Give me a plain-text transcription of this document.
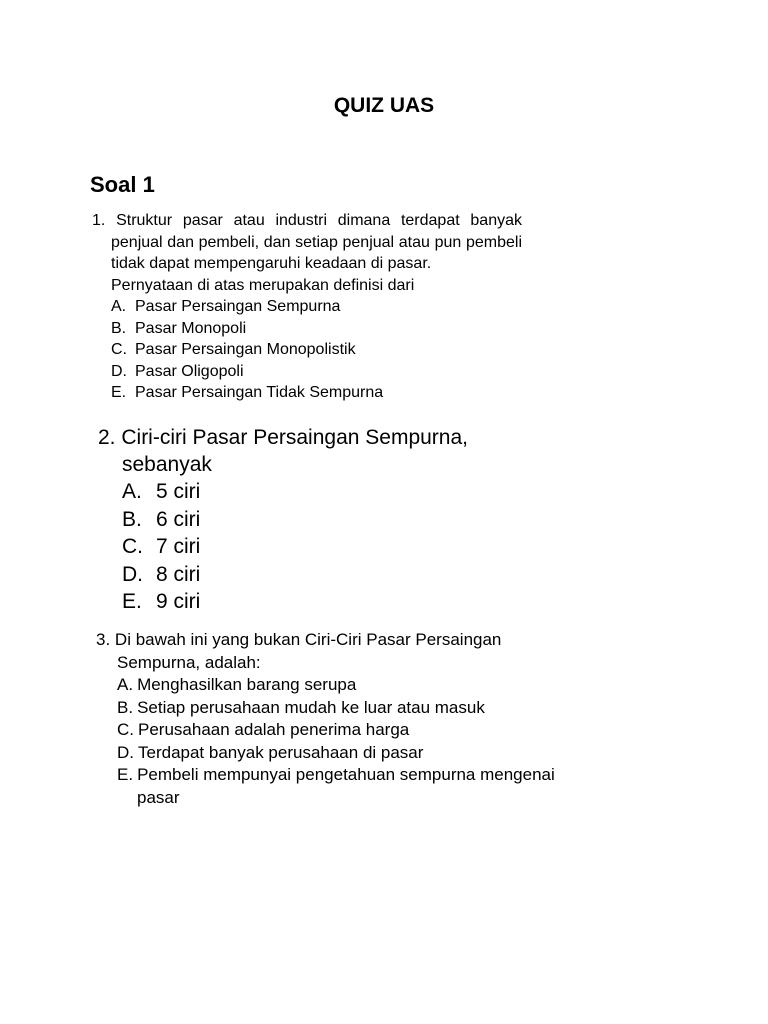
QUIZ UAS
Soal 1
1. Struktur pasar atau industri dimana terdapat banyak penjual dan pembeli, dan setiap penjual atau pun pembeli tidak dapat mempengaruhi keadaan di pasar.
Pernyataan di atas merupakan definisi dari
A. Pasar Persaingan Sempurna
B. Pasar Monopoli
C. Pasar Persaingan Monopolistik
D. Pasar Oligopoli
E. Pasar Persaingan Tidak Sempurna
2. Ciri-ciri Pasar Persaingan Sempurna, sebanyak
A. 5 ciri
B. 6 ciri
C. 7 ciri
D. 8 ciri
E. 9 ciri
3. Di bawah ini yang bukan Ciri-Ciri Pasar Persaingan Sempurna, adalah:
A. Menghasilkan barang serupa
B. Setiap perusahaan mudah ke luar atau masuk
C. Perusahaan adalah penerima harga
D. Terdapat banyak perusahaan di pasar
E. Pembeli mempunyai pengetahuan sempurna mengenai pasar
